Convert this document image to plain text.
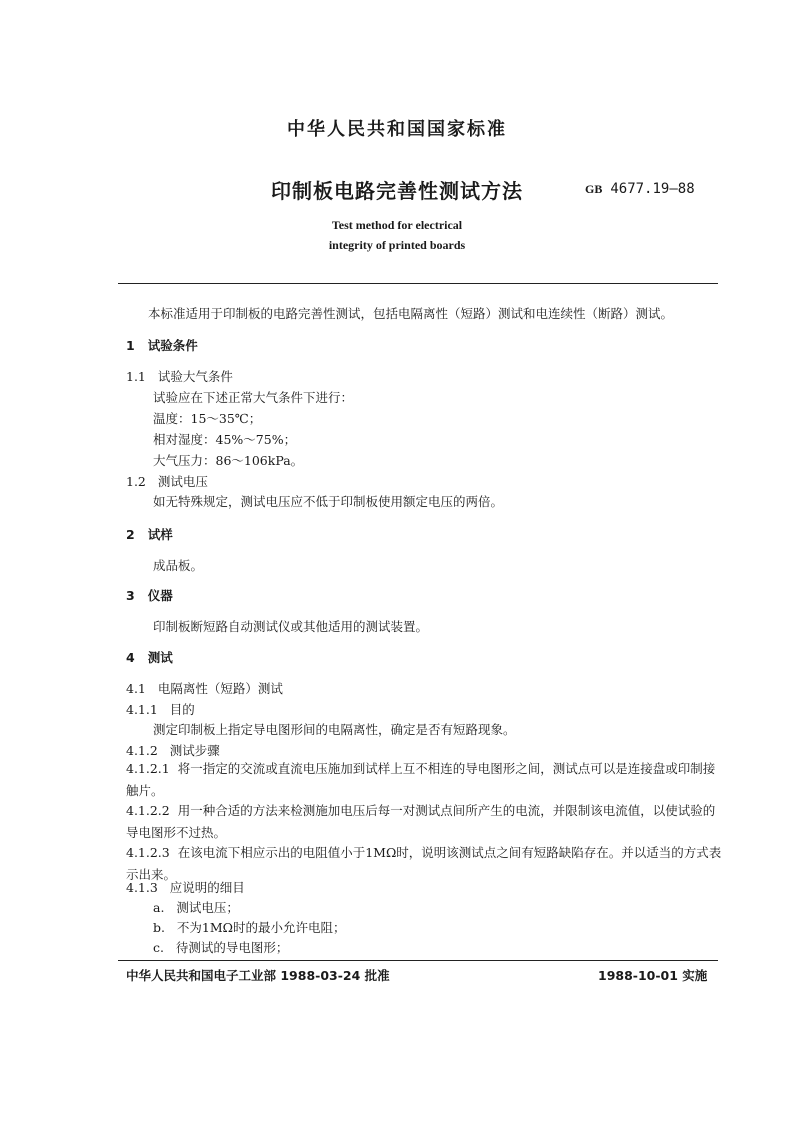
中华人民共和国国家标准
印制板电路完善性测试方法	GB 4677.19—88
Test method for electrical
integrity of printed boards
本标准适用于印制板的电路完善性测试，包括电隔离性（短路）测试和电连续性（断路）测试。
1 试验条件
1.1 试验大气条件
试验应在下述正常大气条件下进行：
温度：15～35℃；
相对湿度：45%～75%；
大气压力：86～106kPa。
1.2 测试电压
如无特殊规定，测试电压应不低于印制板使用额定电压的两倍。
2 试样
成品板。
3 仪器
印制板断短路自动测试仪或其他适用的测试装置。
4 测试
4.1 电隔离性（短路）测试
4.1.1 目的
测定印制板上指定导电图形间的电隔离性，确定是否有短路现象。
4.1.2 测试步骤
4.1.2.1 将一指定的交流或直流电压施加到试样上互不相连的导电图形之间，测试点可以是连接盘或印制接触片。
4.1.2.2 用一种合适的方法来检测施加电压后每一对测试点间所产生的电流，并限制该电流值，以使试验的导电图形不过热。
4.1.2.3 在该电流下相应示出的电阻值小于1MΩ时，说明该测试点之间有短路缺陷存在。并以适当的方式表示出来。
4.1.3 应说明的细目
a. 测试电压；
b. 不为1MΩ时的最小允许电阻；
c. 待测试的导电图形；
中华人民共和国电子工业部 1988-03-24 批准	1988-10-01 实施
